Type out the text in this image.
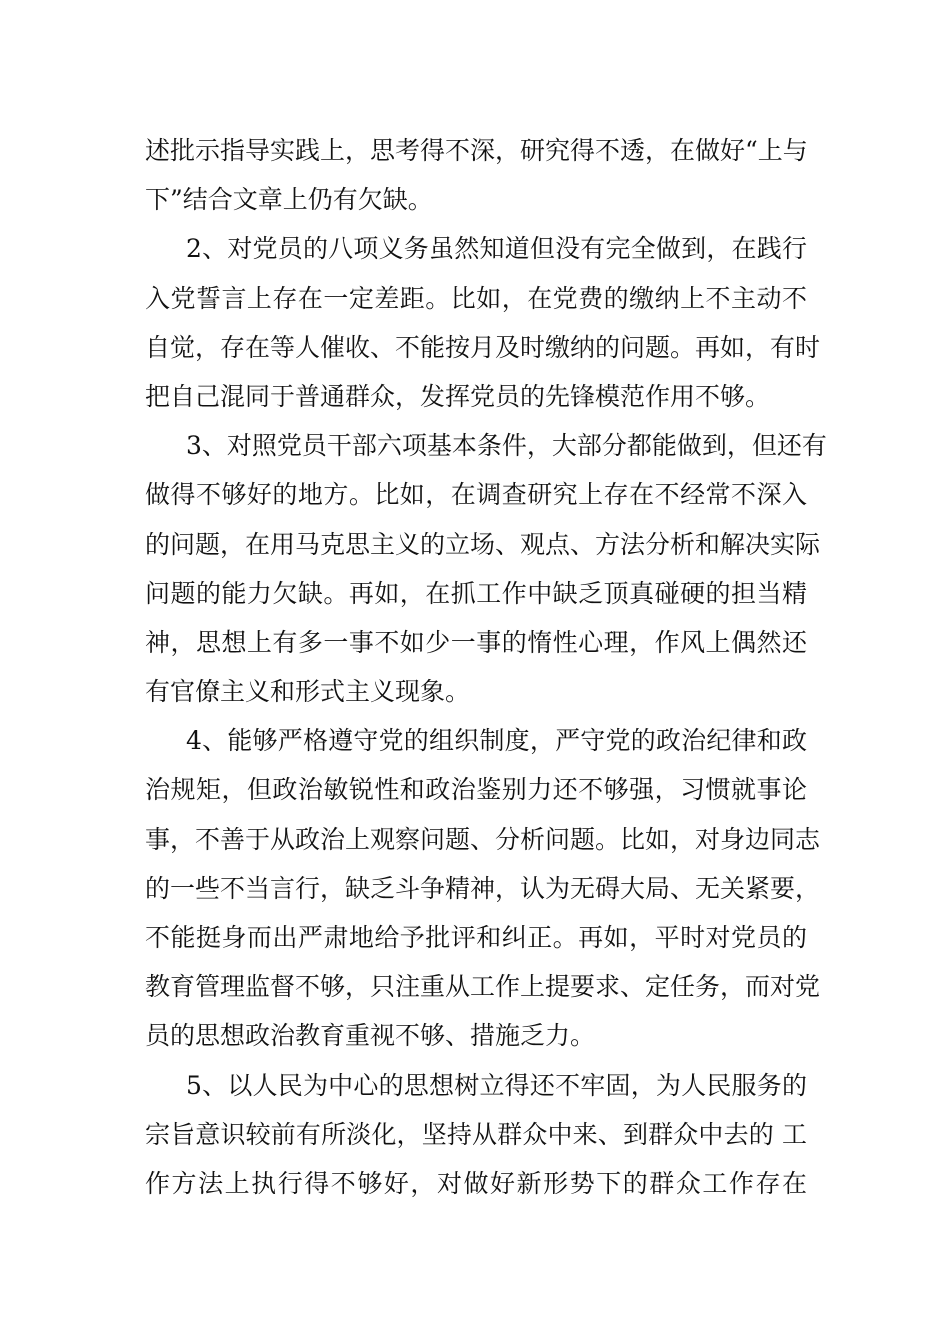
述批示指导实践上，思考得不深，研究得不透，在做好“上与
下”结合文章上仍有欠缺。
2、对党员的八项义务虽然知道但没有完全做到，在践行
入党誓言上存在一定差距。比如，在党费的缴纳上不主动不
自觉，存在等人催收、不能按月及时缴纳的问题。再如，有时
把自己混同于普通群众，发挥党员的先锋模范作用不够。
3、对照党员干部六项基本条件，大部分都能做到，但还有
做得不够好的地方。比如，在调查研究上存在不经常不深入
的问题，在用马克思主义的立场、观点、方法分析和解决实际
问题的能力欠缺。再如，在抓工作中缺乏顶真碰硬的担当精
神，思想上有多一事不如少一事的惰性心理，作风上偶然还
有官僚主义和形式主义现象。
4、能够严格遵守党的组织制度，严守党的政治纪律和政
治规矩，但政治敏锐性和政治鉴别力还不够强，习惯就事论
事，不善于从政治上观察问题、分析问题。比如，对身边同志
的一些不当言行，缺乏斗争精神，认为无碍大局、无关紧要，
不能挺身而出严肃地给予批评和纠正。再如，平时对党员的
教育管理监督不够，只注重从工作上提要求、定任务，而对党
员的思想政治教育重视不够、措施乏力。
5、以人民为中心的思想树立得还不牢固，为人民服务的
宗旨意识较前有所淡化，坚持从群众中来、到群众中去的 工
作方法上执行得不够好，对做好新形势下的群众工作存在
